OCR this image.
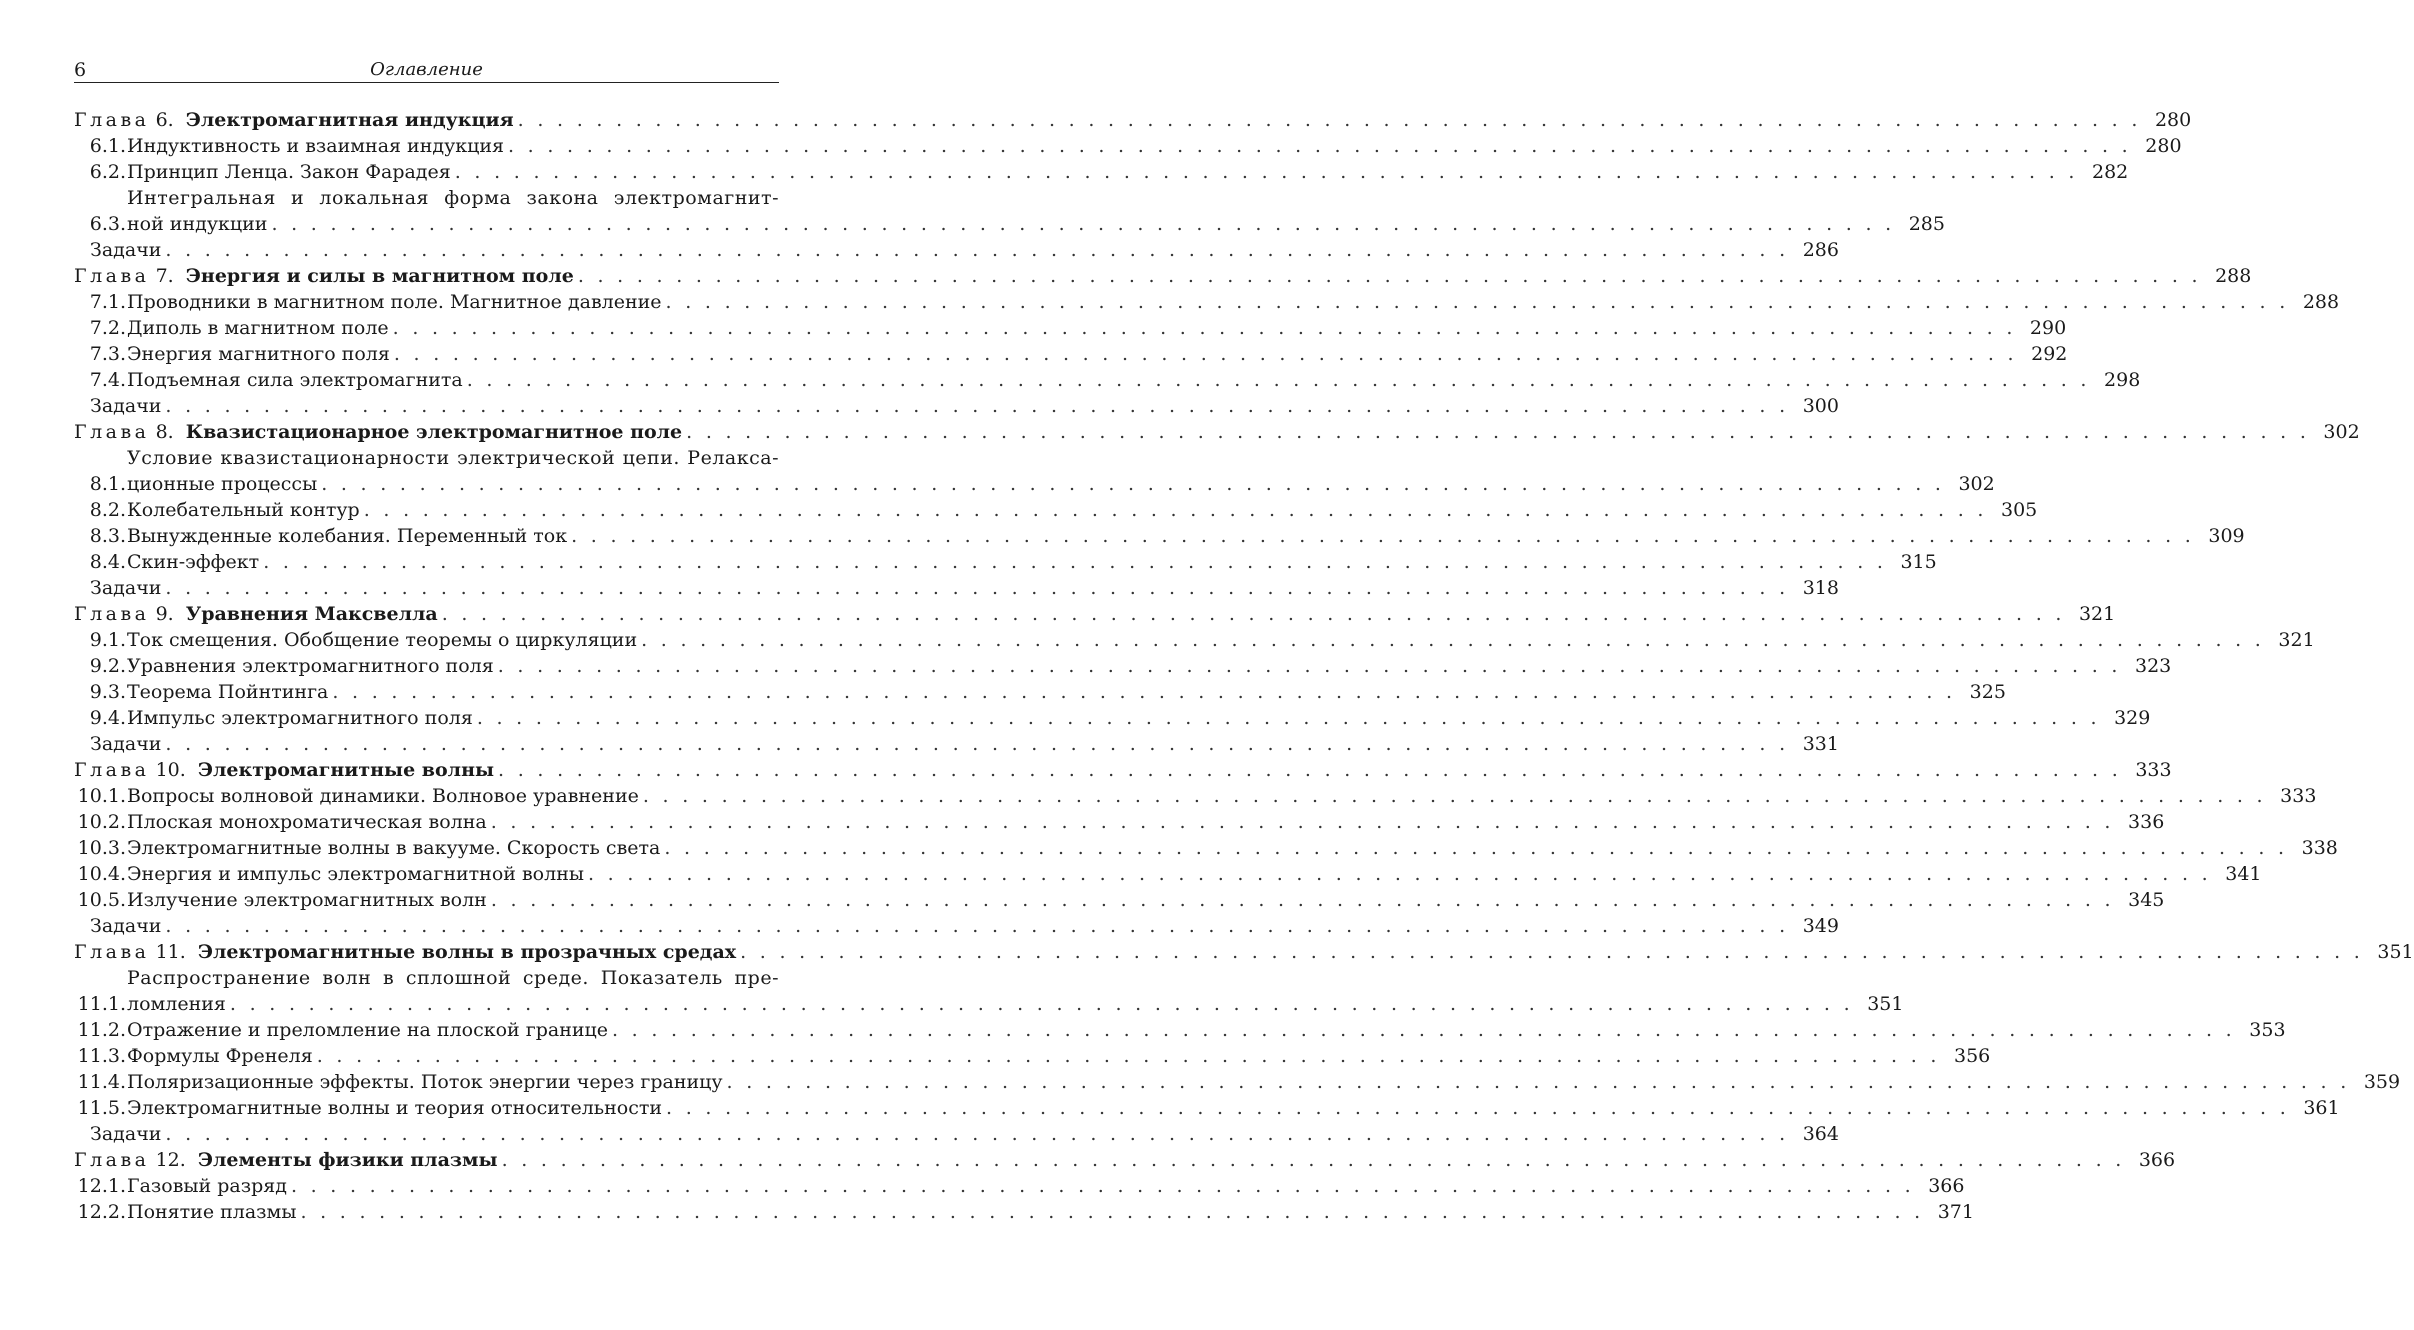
6	Оглавление
Глава 6. Электромагнитная индукция . . . . . . . . . . . . . . . . . . . . . . . . . . . . . . . . . . . . . . . . . . . . . . . . . . . . . . . . . . . . . . . . . . . . . . . . . . . . . . . . . . . 280
6.1. Индуктивность и взаимная индукция . . . . . . . . . . . . . . . . . . . . . . . . . . . . . . . . . . . . . . . . . . . . . . . . . . . . . . . . . . . . . . . . . . . . . . . . . . . . . . . . . . . 280
6.2. Принцип Ленца. Закон Фарадея . . . . . . . . . . . . . . . . . . . . . . . . . . . . . . . . . . . . . . . . . . . . . . . . . . . . . . . . . . . . . . . . . . . . . . . . . . . . . . . . . . . 282
6.3.
Интегральная и локальная форма закона электромагнит-
ной индукции . . . . . . . . . . . . . . . . . . . . . . . . . . . . . . . . . . . . . . . . . . . . . . . . . . . . . . . . . . . . . . . . . . . . . . . . . . . . . . . . . . . 285
Задачи . . . . . . . . . . . . . . . . . . . . . . . . . . . . . . . . . . . . . . . . . . . . . . . . . . . . . . . . . . . . . . . . . . . . . . . . . . . . . . . . . . . 286
Глава 7. Энергия и силы в магнитном поле . . . . . . . . . . . . . . . . . . . . . . . . . . . . . . . . . . . . . . . . . . . . . . . . . . . . . . . . . . . . . . . . . . . . . . . . . . . . . . . . . . . 288
7.1. Проводники в магнитном поле. Магнитное давление . . . . . . . . . . . . . . . . . . . . . . . . . . . . . . . . . . . . . . . . . . . . . . . . . . . . . . . . . . . . . . . . . . . . . . . . . . . . . . . . . . . 288
7.2. Диполь в магнитном поле . . . . . . . . . . . . . . . . . . . . . . . . . . . . . . . . . . . . . . . . . . . . . . . . . . . . . . . . . . . . . . . . . . . . . . . . . . . . . . . . . . . 290
7.3. Энергия магнитного поля . . . . . . . . . . . . . . . . . . . . . . . . . . . . . . . . . . . . . . . . . . . . . . . . . . . . . . . . . . . . . . . . . . . . . . . . . . . . . . . . . . . 292
7.4. Подъемная сила электромагнита . . . . . . . . . . . . . . . . . . . . . . . . . . . . . . . . . . . . . . . . . . . . . . . . . . . . . . . . . . . . . . . . . . . . . . . . . . . . . . . . . . . 298
Задачи . . . . . . . . . . . . . . . . . . . . . . . . . . . . . . . . . . . . . . . . . . . . . . . . . . . . . . . . . . . . . . . . . . . . . . . . . . . . . . . . . . . 300
Глава 8. Квазистационарное электромагнитное поле . . . . . . . . . . . . . . . . . . . . . . . . . . . . . . . . . . . . . . . . . . . . . . . . . . . . . . . . . . . . . . . . . . . . . . . . . . . . . . . . . . . 302
8.1.
Условие квазистационарности электрической цепи. Релакса-
ционные процессы . . . . . . . . . . . . . . . . . . . . . . . . . . . . . . . . . . . . . . . . . . . . . . . . . . . . . . . . . . . . . . . . . . . . . . . . . . . . . . . . . . . 302
8.2. Колебательный контур . . . . . . . . . . . . . . . . . . . . . . . . . . . . . . . . . . . . . . . . . . . . . . . . . . . . . . . . . . . . . . . . . . . . . . . . . . . . . . . . . . . 305
8.3. Вынужденные колебания. Переменный ток . . . . . . . . . . . . . . . . . . . . . . . . . . . . . . . . . . . . . . . . . . . . . . . . . . . . . . . . . . . . . . . . . . . . . . . . . . . . . . . . . . . 309
8.4. Скин-эффект . . . . . . . . . . . . . . . . . . . . . . . . . . . . . . . . . . . . . . . . . . . . . . . . . . . . . . . . . . . . . . . . . . . . . . . . . . . . . . . . . . . 315
Задачи . . . . . . . . . . . . . . . . . . . . . . . . . . . . . . . . . . . . . . . . . . . . . . . . . . . . . . . . . . . . . . . . . . . . . . . . . . . . . . . . . . . 318
Глава 9. Уравнения Максвелла . . . . . . . . . . . . . . . . . . . . . . . . . . . . . . . . . . . . . . . . . . . . . . . . . . . . . . . . . . . . . . . . . . . . . . . . . . . . . . . . . . . 321
9.1. Ток смещения. Обобщение теоремы о циркуляции . . . . . . . . . . . . . . . . . . . . . . . . . . . . . . . . . . . . . . . . . . . . . . . . . . . . . . . . . . . . . . . . . . . . . . . . . . . . . . . . . . . 321
9.2. Уравнения электромагнитного поля . . . . . . . . . . . . . . . . . . . . . . . . . . . . . . . . . . . . . . . . . . . . . . . . . . . . . . . . . . . . . . . . . . . . . . . . . . . . . . . . . . . 323
9.3. Теорема Пойнтинга . . . . . . . . . . . . . . . . . . . . . . . . . . . . . . . . . . . . . . . . . . . . . . . . . . . . . . . . . . . . . . . . . . . . . . . . . . . . . . . . . . . 325
9.4. Импульс электромагнитного поля . . . . . . . . . . . . . . . . . . . . . . . . . . . . . . . . . . . . . . . . . . . . . . . . . . . . . . . . . . . . . . . . . . . . . . . . . . . . . . . . . . . 329
Задачи . . . . . . . . . . . . . . . . . . . . . . . . . . . . . . . . . . . . . . . . . . . . . . . . . . . . . . . . . . . . . . . . . . . . . . . . . . . . . . . . . . . 331
Глава 10. Электромагнитные волны . . . . . . . . . . . . . . . . . . . . . . . . . . . . . . . . . . . . . . . . . . . . . . . . . . . . . . . . . . . . . . . . . . . . . . . . . . . . . . . . . . . 333
10.1. Вопросы волновой динамики. Волновое уравнение . . . . . . . . . . . . . . . . . . . . . . . . . . . . . . . . . . . . . . . . . . . . . . . . . . . . . . . . . . . . . . . . . . . . . . . . . . . . . . . . . . . 333
10.2. Плоская монохроматическая волна . . . . . . . . . . . . . . . . . . . . . . . . . . . . . . . . . . . . . . . . . . . . . . . . . . . . . . . . . . . . . . . . . . . . . . . . . . . . . . . . . . . 336
10.3. Электромагнитные волны в вакууме. Скорость света . . . . . . . . . . . . . . . . . . . . . . . . . . . . . . . . . . . . . . . . . . . . . . . . . . . . . . . . . . . . . . . . . . . . . . . . . . . . . . . . . . . 338
10.4. Энергия и импульс электромагнитной волны . . . . . . . . . . . . . . . . . . . . . . . . . . . . . . . . . . . . . . . . . . . . . . . . . . . . . . . . . . . . . . . . . . . . . . . . . . . . . . . . . . . 341
10.5. Излучение электромагнитных волн . . . . . . . . . . . . . . . . . . . . . . . . . . . . . . . . . . . . . . . . . . . . . . . . . . . . . . . . . . . . . . . . . . . . . . . . . . . . . . . . . . . 345
Задачи . . . . . . . . . . . . . . . . . . . . . . . . . . . . . . . . . . . . . . . . . . . . . . . . . . . . . . . . . . . . . . . . . . . . . . . . . . . . . . . . . . . 349
Глава 11. Электромагнитные волны в прозрачных средах . . . . . . . . . . . . . . . . . . . . . . . . . . . . . . . . . . . . . . . . . . . . . . . . . . . . . . . . . . . . . . . . . . . . . . . . . . . . . . . . . . . 351
11.1.
Распространение волн в сплошной среде. Показатель пре-
ломления . . . . . . . . . . . . . . . . . . . . . . . . . . . . . . . . . . . . . . . . . . . . . . . . . . . . . . . . . . . . . . . . . . . . . . . . . . . . . . . . . . . 351
11.2. Отражение и преломление на плоской границе . . . . . . . . . . . . . . . . . . . . . . . . . . . . . . . . . . . . . . . . . . . . . . . . . . . . . . . . . . . . . . . . . . . . . . . . . . . . . . . . . . . 353
11.3. Формулы Френеля . . . . . . . . . . . . . . . . . . . . . . . . . . . . . . . . . . . . . . . . . . . . . . . . . . . . . . . . . . . . . . . . . . . . . . . . . . . . . . . . . . . 356
11.4. Поляризационные эффекты. Поток энергии через границу . . . . . . . . . . . . . . . . . . . . . . . . . . . . . . . . . . . . . . . . . . . . . . . . . . . . . . . . . . . . . . . . . . . . . . . . . . . . . . . . . . . 359
11.5. Электромагнитные волны и теория относительности . . . . . . . . . . . . . . . . . . . . . . . . . . . . . . . . . . . . . . . . . . . . . . . . . . . . . . . . . . . . . . . . . . . . . . . . . . . . . . . . . . . 361
Задачи . . . . . . . . . . . . . . . . . . . . . . . . . . . . . . . . . . . . . . . . . . . . . . . . . . . . . . . . . . . . . . . . . . . . . . . . . . . . . . . . . . . 364
Глава 12. Элементы физики плазмы . . . . . . . . . . . . . . . . . . . . . . . . . . . . . . . . . . . . . . . . . . . . . . . . . . . . . . . . . . . . . . . . . . . . . . . . . . . . . . . . . . . 366
12.1. Газовый разряд . . . . . . . . . . . . . . . . . . . . . . . . . . . . . . . . . . . . . . . . . . . . . . . . . . . . . . . . . . . . . . . . . . . . . . . . . . . . . . . . . . . 366
12.2. Понятие плазмы . . . . . . . . . . . . . . . . . . . . . . . . . . . . . . . . . . . . . . . . . . . . . . . . . . . . . . . . . . . . . . . . . . . . . . . . . . . . . . . . . . . 371
